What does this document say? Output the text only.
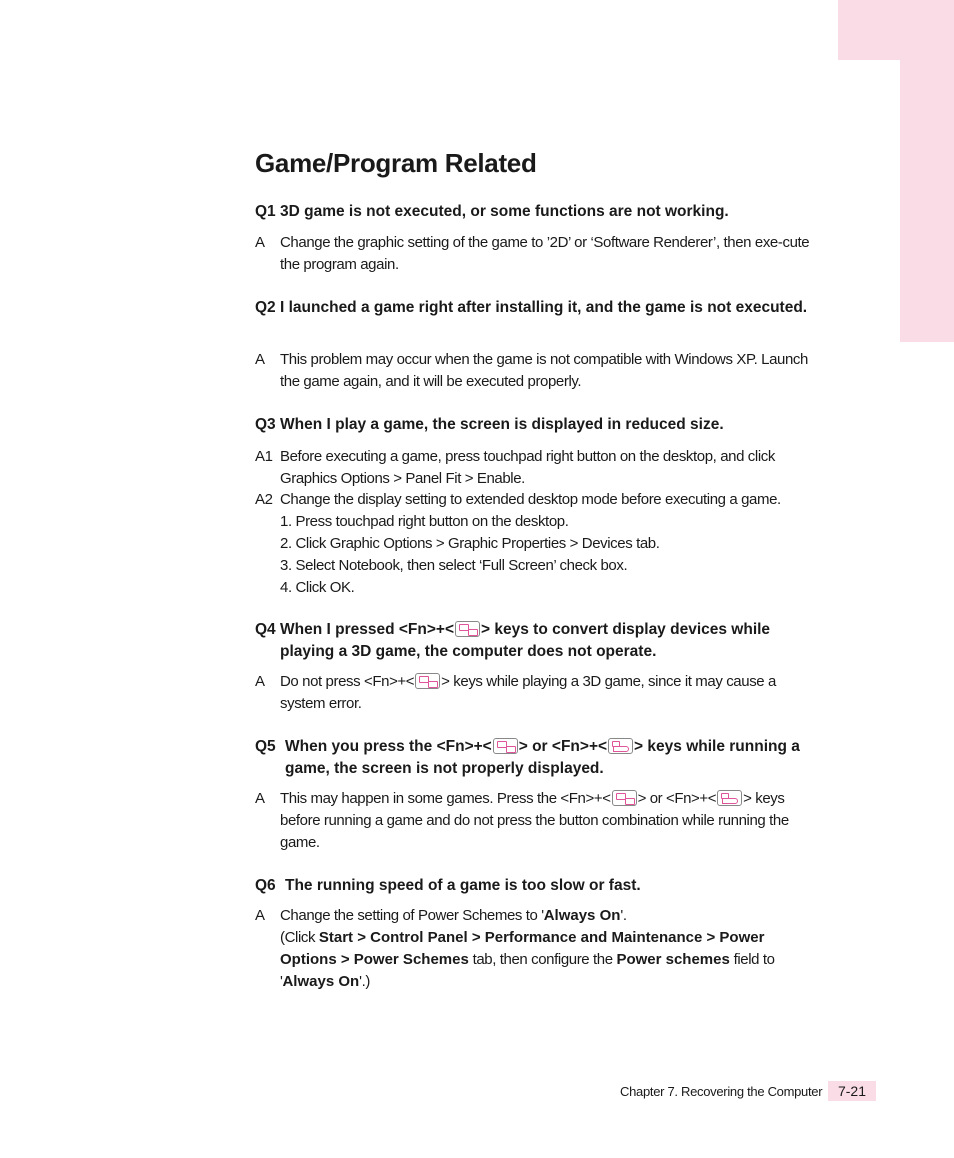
Game/Program Related
Q1 3D game is not executed, or some functions are not working.
A	Change the graphic setting of the game to ’2D’ or ‘Software Renderer’, then exe-cute the program again.
Q2 I launched a game right after installing it, and the game is not executed.
A	This problem may occur when the game is not compatible with Windows XP. Launch the game again, and it will be executed properly.
Q3 When I play a game, the screen is displayed in reduced size.
A1 Before executing a game, press touchpad right button on the desktop, and click Graphics Options > Panel Fit > Enable.
A2 Change the display setting to extended desktop mode before executing a game.
1. Press touchpad right button on the desktop.
2. Click Graphic Options > Graphic Properties > Devices tab.
3. Select Notebook, then select ‘Full Screen’ check box.
4. Click OK.
Q4 When I pressed <Fn>+< > keys to convert display devices while playing a 3D game, the computer does not operate.
A	Do not press <Fn>+< > keys while playing a 3D game, since it may cause a system error.
Q5 When you press the <Fn>+< > or <Fn>+< > keys while running a game, the screen is not properly displayed.
A	This may happen in some games. Press the <Fn>+< > or <Fn>+< > keys before running a game and do not press the button combination while running the game.
Q6 The running speed of a game is too slow or fast.
A	Change the setting of Power Schemes to 'Always On'.
(Click Start > Control Panel > Performance and Maintenance > Power Options > Power Schemes tab, then configure the Power schemes field to 'Always On'.)
Chapter 7. Recovering the Computer	7-21
